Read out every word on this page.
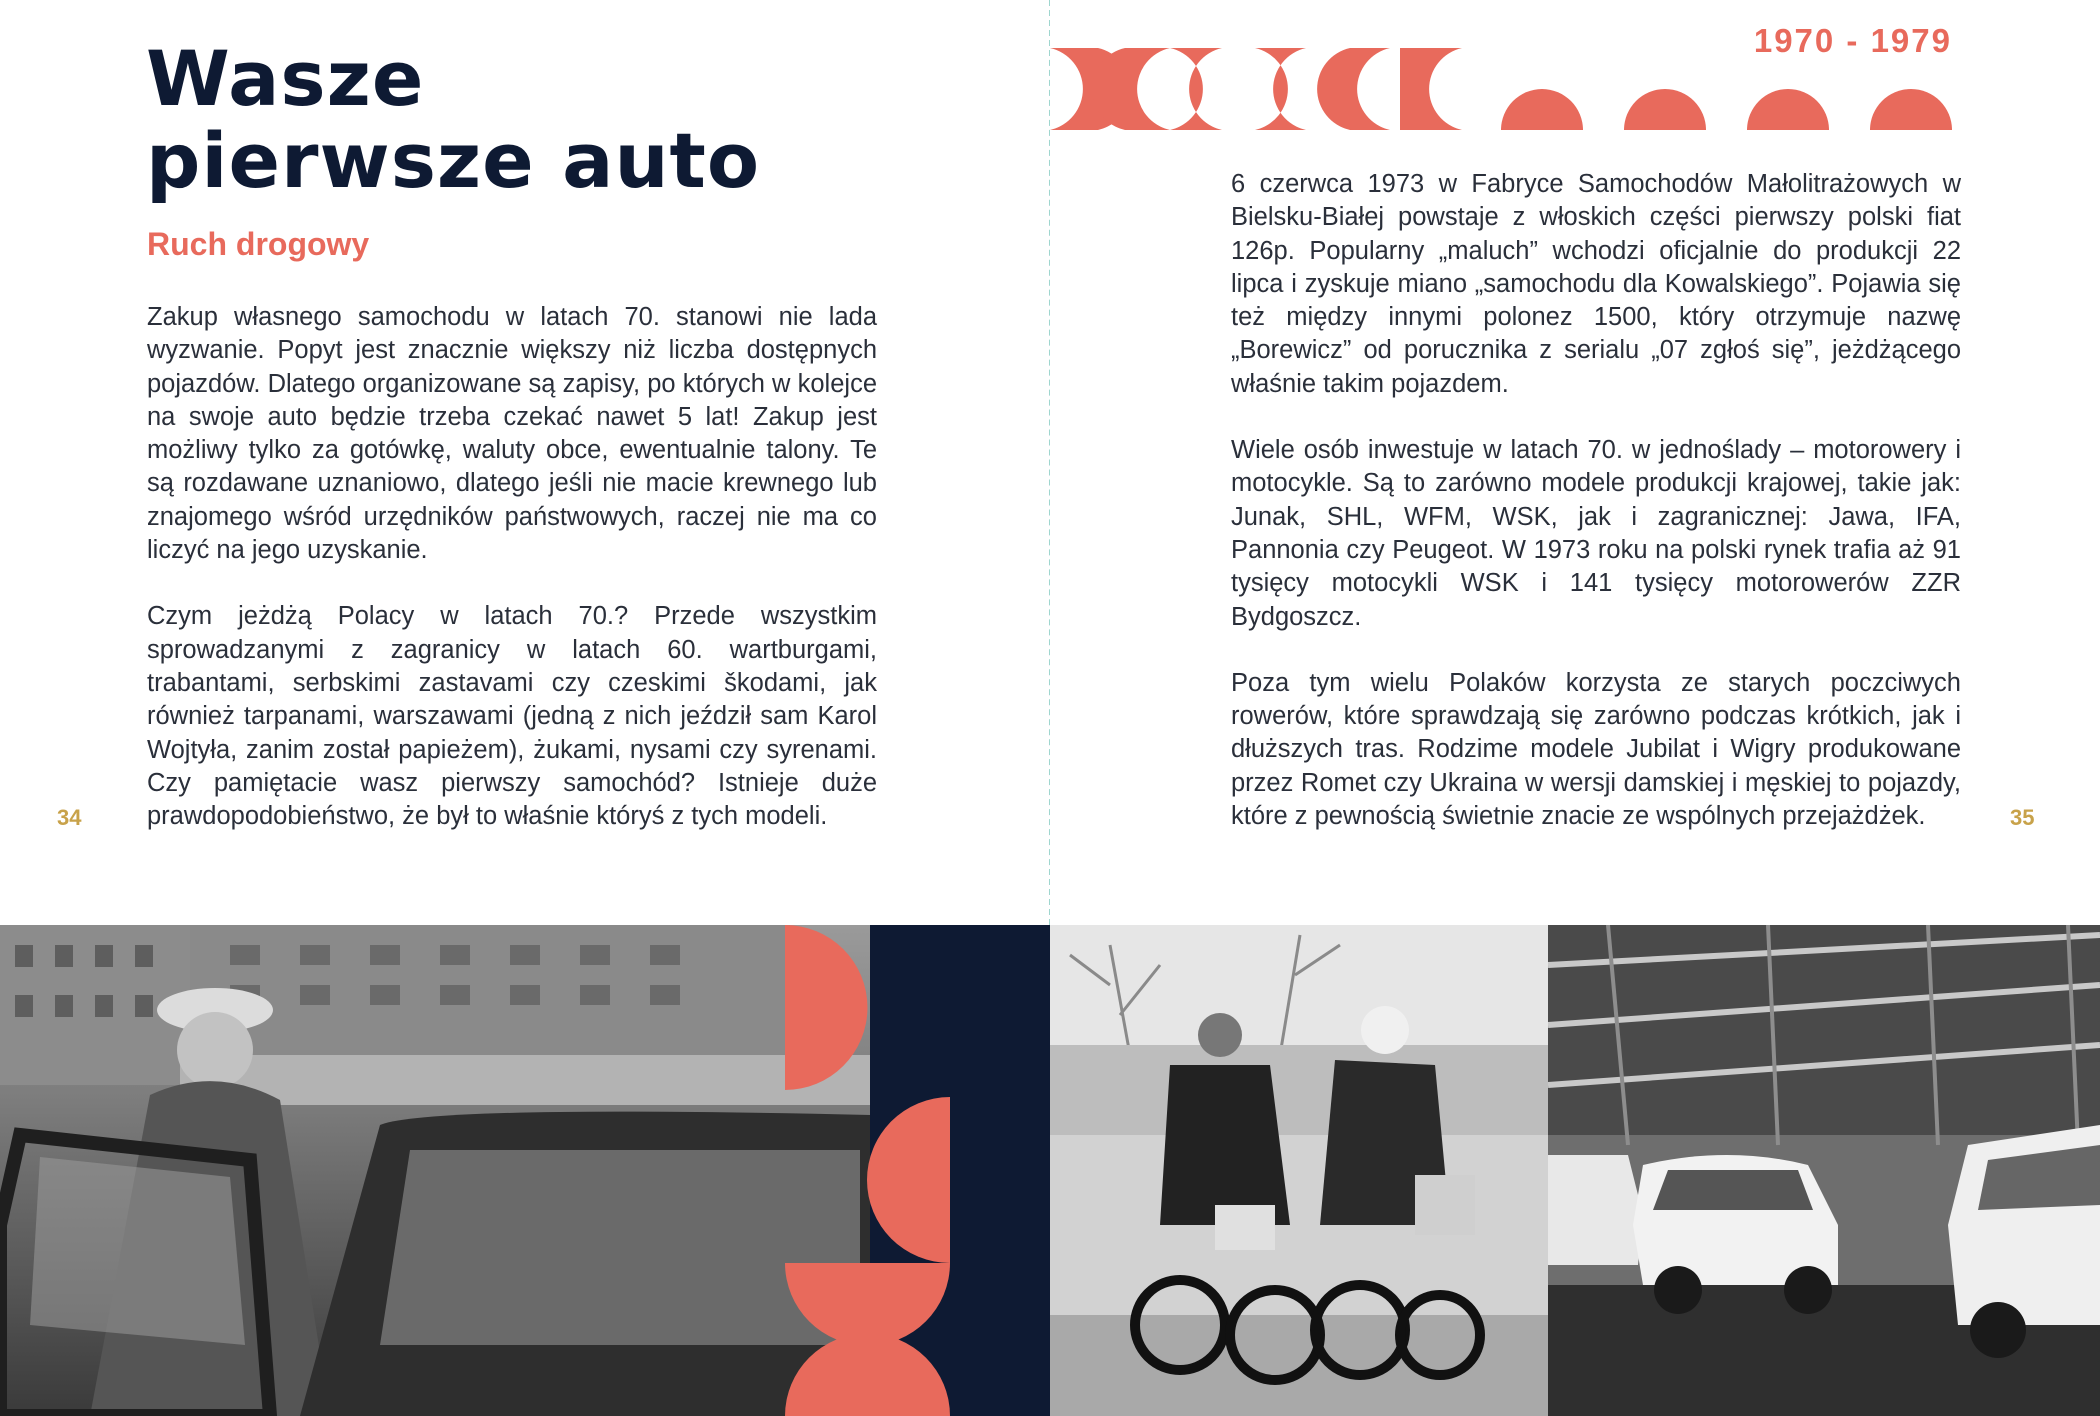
Wasze
pierwsze auto
Ruch drogowy

Zakup własnego samochodu w latach 70. stanowi nie lada wyzwanie. Popyt jest znacznie większy niż liczba dostępnych pojazdów. Dlatego organizowane są zapisy, po których w kolejce na swoje auto będzie trzeba czekać nawet 5 lat! Zakup jest możliwy tylko za gotówkę, waluty obce, ewentualnie talony. Te są rozdawane uznaniowo, dlatego jeśli nie macie krewnego lub znajomego wśród urzędników państwowych, raczej nie ma co liczyć na jego uzyskanie.

Czym jeżdżą Polacy w latach 70.? Przede wszystkim sprowadzanymi z zagranicy w latach 60. wartburgami, trabantami, serbskimi zastavami czy czeskimi škodami, jak również tarpanami, warszawami (jedną z nich jeździł sam Karol Wojtyła, zanim został papieżem), żukami, nysami czy syrenami. Czy pamiętacie wasz pierwszy samochód? Istnieje duże prawdopodobieństwo, że był to właśnie któryś z tych modeli.

34
1970 - 1979

6 czerwca 1973 w Fabryce Samochodów Małolitrażowych w Bielsku-Białej powstaje z włoskich części pierwszy polski fiat 126p. Popularny „maluch” wchodzi oficjalnie do produkcji 22 lipca i zyskuje miano „samochodu dla Kowalskiego”. Pojawia się też między innymi polonez 1500, który otrzymuje nazwę „Borewicz” od porucznika z serialu „07 zgłoś się”, jeżdżącego właśnie takim pojazdem.

Wiele osób inwestuje w latach 70. w jednoślady – motorowery i motocykle. Są to zarówno modele produkcji krajowej, takie jak: Junak, SHL, WFM, WSK, jak i zagranicznej: Jawa, IFA, Pannonia czy Peugeot. W 1973 roku na polski rynek trafia aż 91 tysięcy motocykli WSK i 141 tysięcy motorowerów ZZR Bydgoszcz.

Poza tym wielu Polaków korzysta ze starych poczciwych rowerów, które sprawdzają się zarówno podczas krótkich, jak i dłuższych tras. Rodzime modele Jubilat i Wigry produkowane przez Romet czy Ukraina w wersji damskiej i męskiej to pojazdy, które z pewnością świetnie znacie ze wspólnych przejażdżek.	35
